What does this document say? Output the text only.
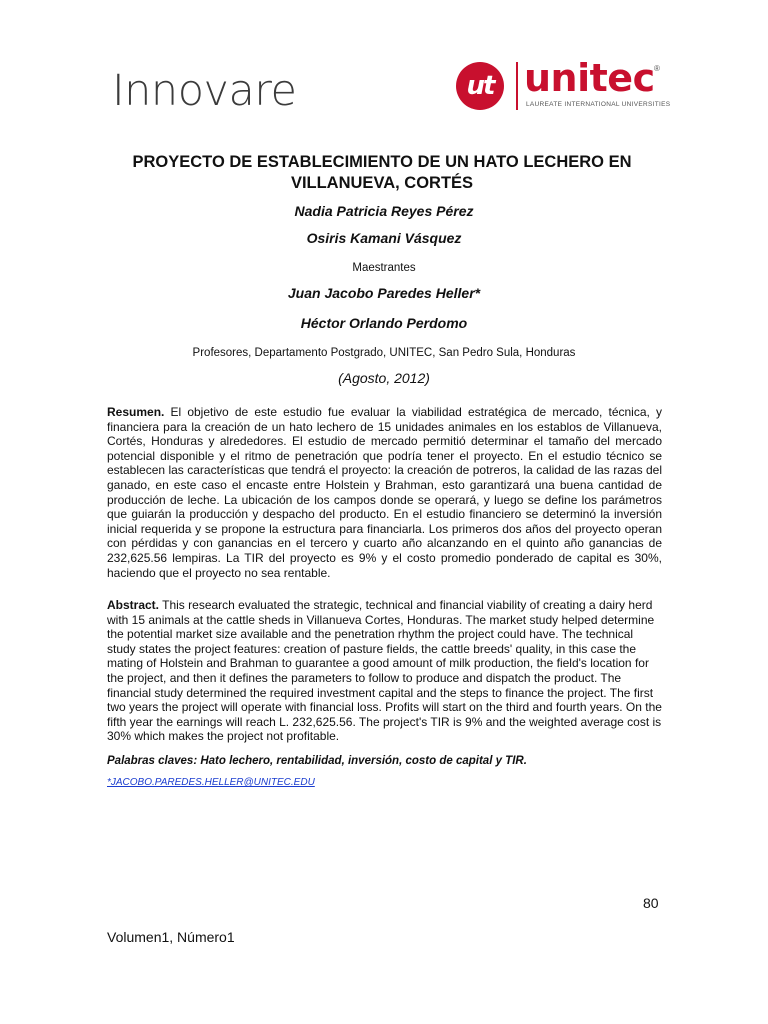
Innovare	ut unitec ®
LAUREATE INTERNATIONAL UNIVERSITIES
PROYECTO DE ESTABLECIMIENTO DE UN HATO LECHERO EN VILLANUEVA, CORTÉS
Nadia Patricia Reyes Pérez
Osiris Kamani Vásquez
Maestrantes
Juan Jacobo Paredes Heller*
Héctor Orlando Perdomo
Profesores, Departamento Postgrado, UNITEC, San Pedro Sula, Honduras
(Agosto, 2012)

Resumen. El objetivo de este estudio fue evaluar la viabilidad estratégica de mercado, técnica, y financiera para la creación de un hato lechero de 15 unidades animales en los establos de Villanueva, Cortés, Honduras y alrededores. El estudio de mercado permitió determinar el tamaño del mercado potencial disponible y el ritmo de penetración que podría tener el proyecto. En el estudio técnico se establecen las características que tendrá el proyecto: la creación de potreros, la calidad de las razas del ganado, en este caso el encaste entre Holstein y Brahman, esto garantizará una buena cantidad de producción de leche. La ubicación de los campos donde se operará, y luego se define los parámetros que guiarán la producción y despacho del producto. En el estudio financiero se determinó la inversión inicial requerida y se propone la estructura para financiarla. Los primeros dos años del proyecto operan con pérdidas y con ganancias en el tercero y cuarto año alcanzando en el quinto año ganancias de 232,625.56 lempiras. La TIR del proyecto es 9% y el costo promedio ponderado de capital es 30%, haciendo que el proyecto no sea rentable.

Abstract. This research evaluated the strategic, technical and financial viability of creating a dairy herd with 15 animals at the cattle sheds in Villanueva Cortes, Honduras. The market study helped determine the potential market size available and the penetration rhythm the project could have. The technical study states the project features: creation of pasture fields, the cattle breeds' quality, in this case the mating of Holstein and Brahman to guarantee a good amount of milk production, the field's location for the project, and then it defines the parameters to follow to produce and dispatch the product. The financial study determined the required investment capital and the steps to finance the project. The first two years the project will operate with financial loss. Profits will start on the third and fourth years. On the fifth year the earnings will reach L. 232,625.56. The project's TIR is 9% and the weighted average cost is 30% which makes the project not profitable.

Palabras claves: Hato lechero, rentabilidad, inversión, costo de capital y TIR.
*JACOBO.PAREDES.HELLER@UNITEC.EDU
80
Volumen1, Número1
